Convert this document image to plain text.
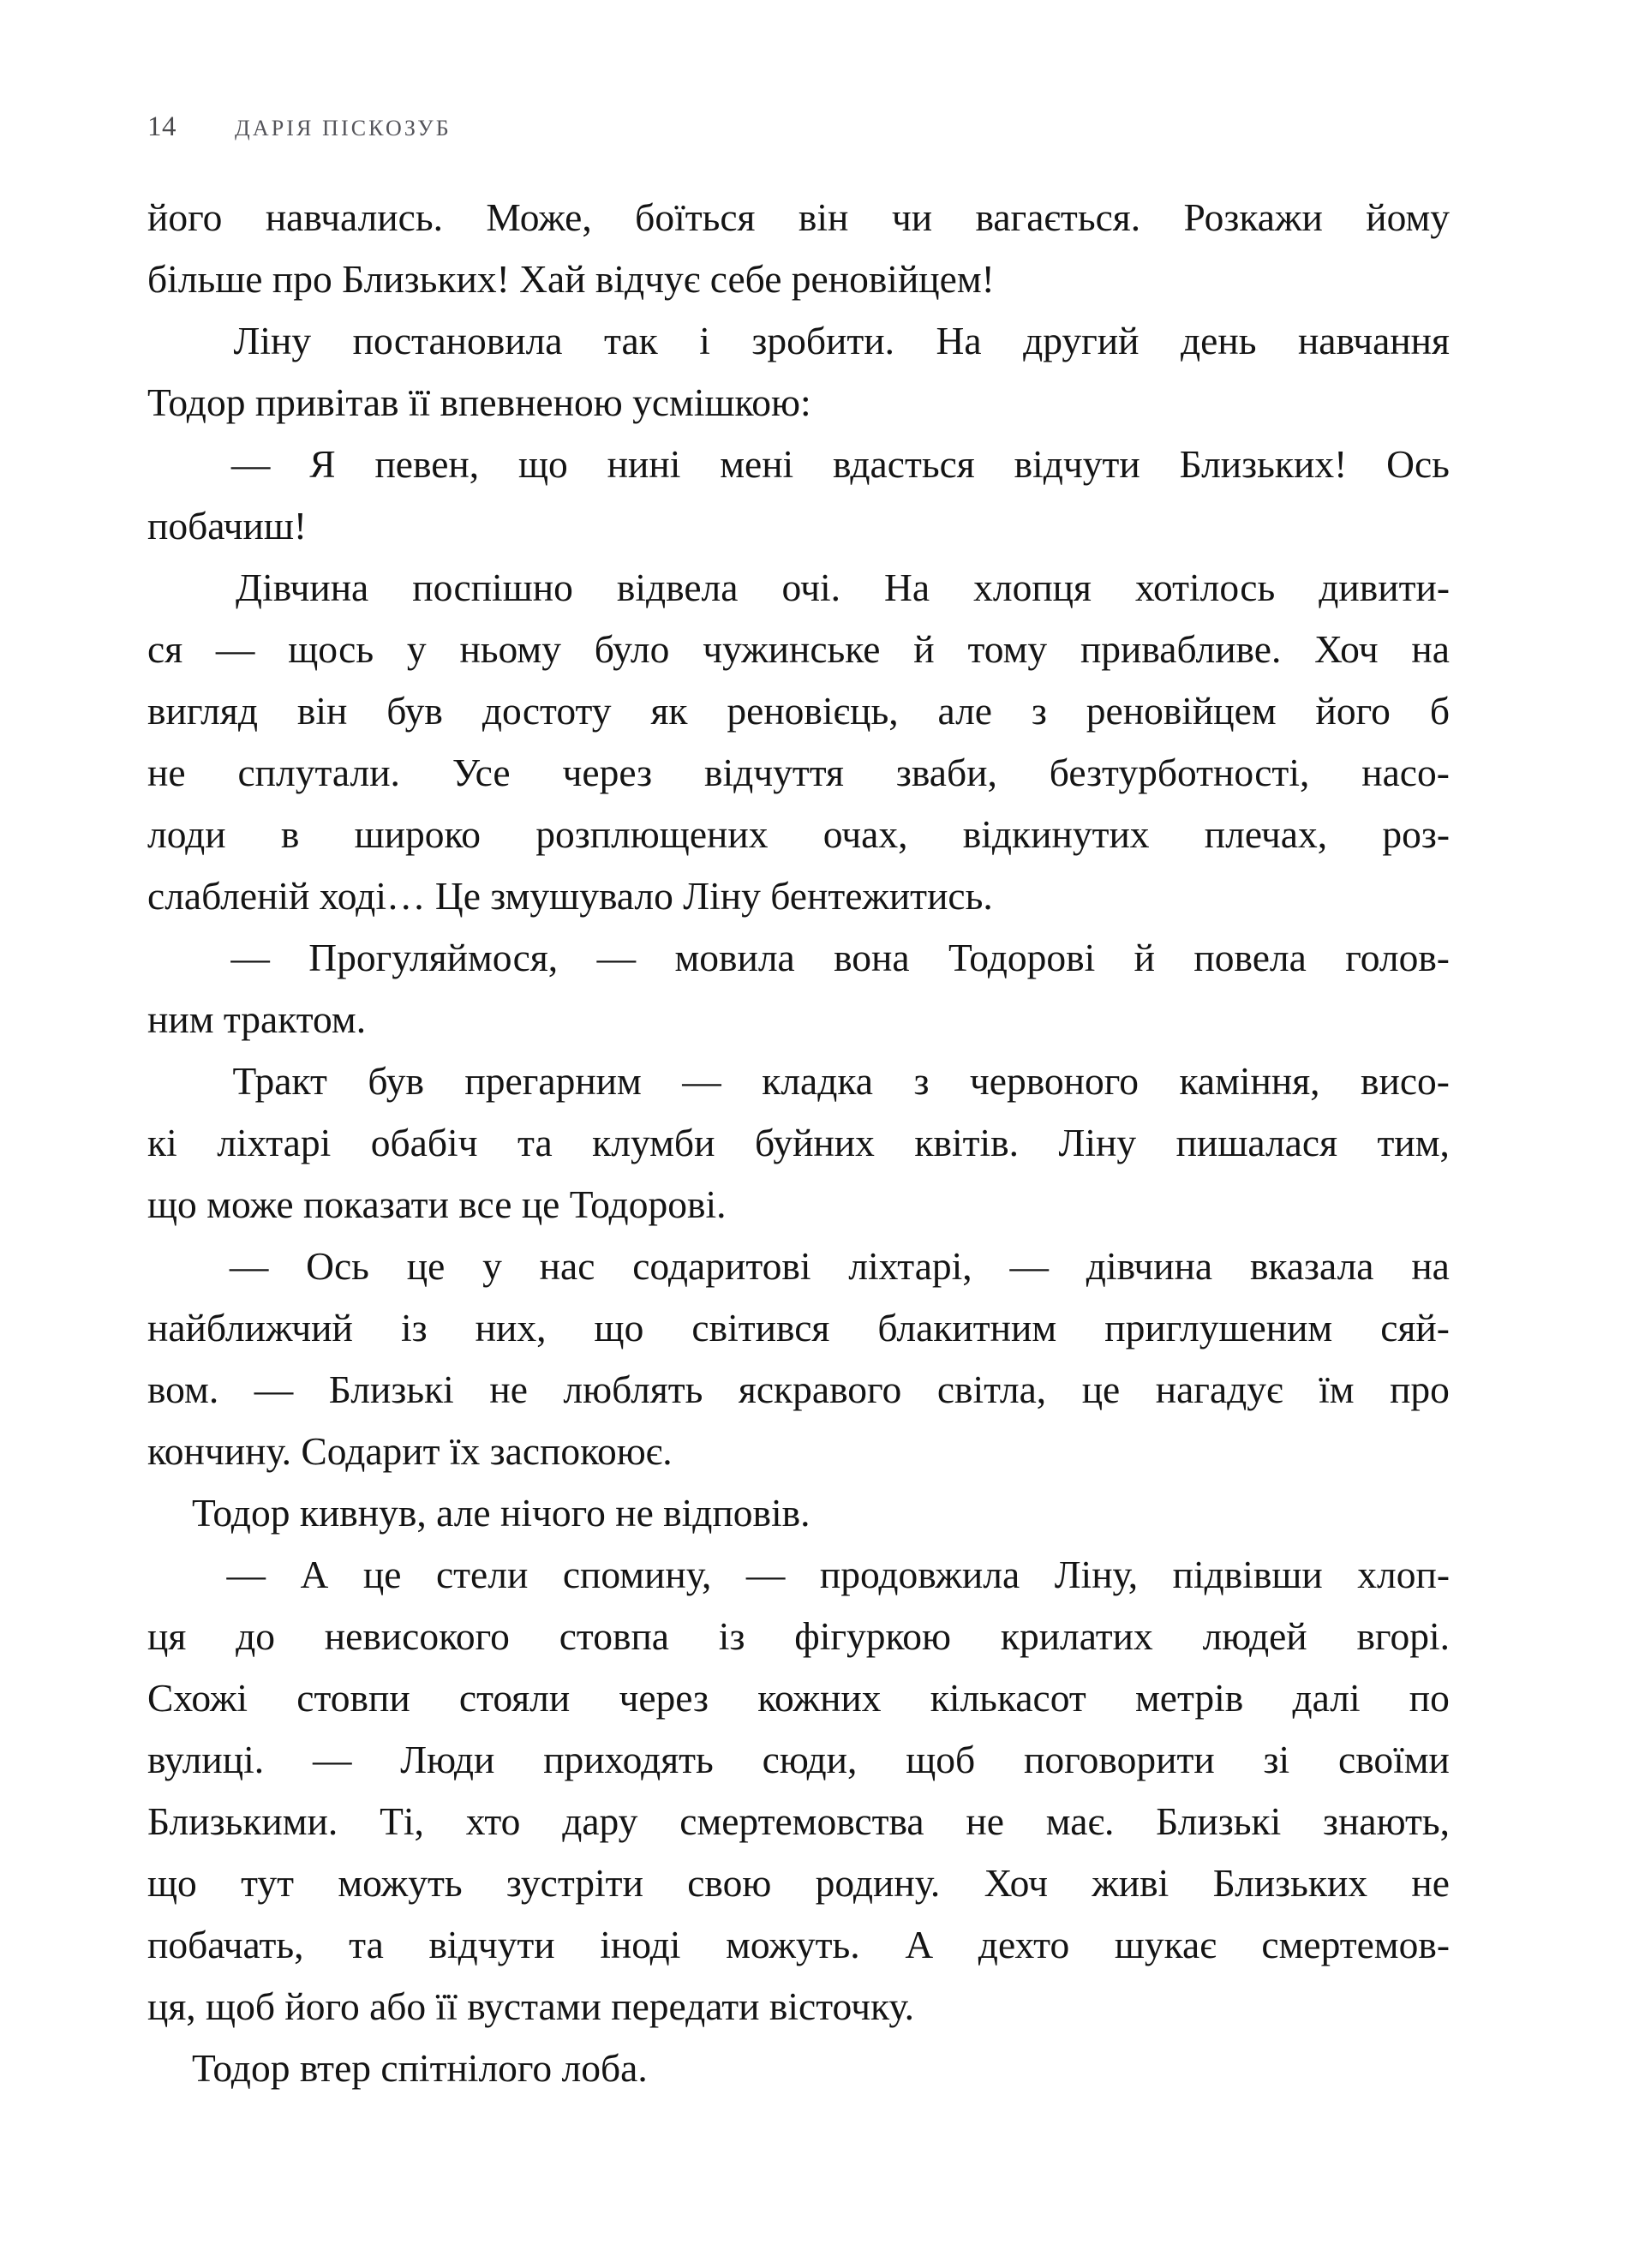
14	ДАРІЯ ПІСКОЗУБ
його навчались. Може, боїться він чи вагається. Розкажи йому
більше про Близьких! Хай відчує себе реновійцем!
Ліну постановила так і зробити. На другий день навчання
Тодор привітав її впевненою усмішкою:
— Я певен, що нині мені вдасться відчути Близьких! Ось
побачиш!
Дівчина поспішно відвела очі. На хлопця хотілось дивити-
ся — щось у ньому було чужинське й тому привабливе. Хоч на
вигляд він був достоту як реновієць, але з реновійцем його б
не сплутали. Усе через відчуття зваби, безтурботності, насо-
лоди в широко розплющених очах, відкинутих плечах, роз-
слабленій ході… Це змушувало Ліну бентежитись.
— Прогуляймося, — мовила вона Тодорові й повела голов-
ним трактом.
Тракт був прегарним — кладка з червоного каміння, висо-
кі ліхтарі обабіч та клумби буйних квітів. Ліну пишалася тим,
що може показати все це Тодорові.
— Ось це у нас содаритові ліхтарі, — дівчина вказала на
найближчий із них, що світився блакитним приглушеним сяй-
вом. — Близькі не люблять яскравого світла, це нагадує їм про
кончину. Содарит їх заспокоює.
Тодор кивнув, але нічого не відповів.
— А це стели спомину, — продовжила Ліну, підвівши хлоп-
ця до невисокого стовпа із фігуркою крилатих людей вгорі.
Схожі стовпи стояли через кожних кількасот метрів далі по
вулиці. — Люди приходять сюди, щоб поговорити зі своїми
Близькими. Ті, хто дару смертемовства не має. Близькі знають,
що тут можуть зустріти свою родину. Хоч живі Близьких не
побачать, та відчути іноді можуть. А дехто шукає смертемов-
ця, щоб його або її вустами передати вісточку.
Тодор втер спітнілого лоба.
